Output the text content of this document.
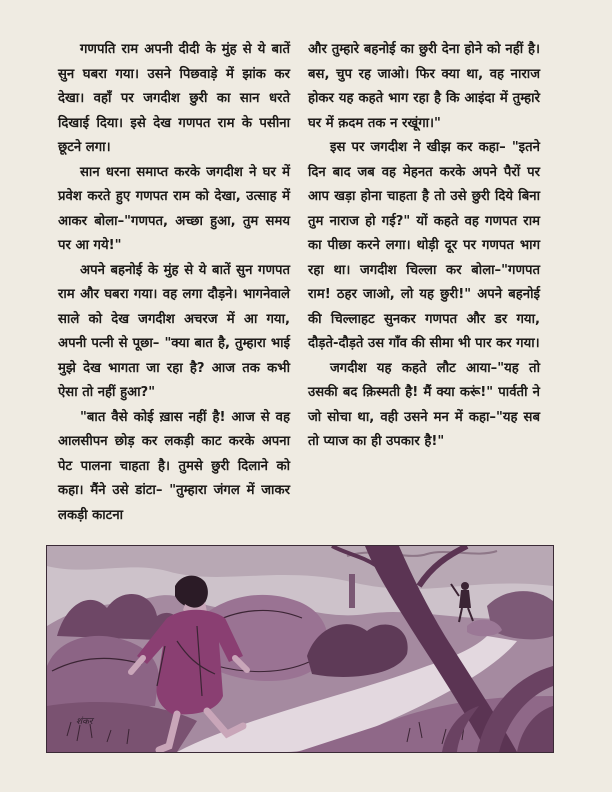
गणपति राम अपनी दीदी के मुंह से ये बातें सुन घबरा गया। उसने पिछवाड़े में झांक कर देखा। वहाँ पर जगदीश छुरी का सान धरते दिखाई दिया। इसे देख गणपत राम के पसीना छूटने लगा।

सान धरना समाप्त करके जगदीश ने घर में प्रवेश करते हुए गणपत राम को देखा, उत्साह में आकर बोला–"गणपत, अच्छा हुआ, तुम समय पर आ गये!"

अपने बहनोई के मुंह से ये बातें सुन गणपत राम और घबरा गया। वह लगा दौड़ने। भागनेवाले साले को देख जगदीश अचरज में आ गया, अपनी पत्नी से पूछा– "क्या बात है, तुम्हारा भाई मुझे देख भागता जा रहा है? आज तक कभी ऐसा तो नहीं हुआ?"

"बात वैसे कोई ख़ास नहीं है! आज से वह आलसीपन छोड़ कर लकड़ी काट करके अपना पेट पालना चाहता है। तुमसे छुरी दिलाने को कहा। मैंने उसे डांटा– "तुम्हारा जंगल में जाकर लकड़ी काटना

और तुम्हारे बहनोई का छुरी देना होने को नहीं है। बस, चुप रह जाओ। फिर क्या था, वह नाराज होकर यह कहते भाग रहा है कि आइंदा में तुम्हारे घर में क़दम तक न रखूंगा।"

इस पर जगदीश ने खीझ कर कहा– "इतने दिन बाद जब वह मेहनत करके अपने पैरों पर आप खड़ा होना चाहता है तो उसे छुरी दिये बिना तुम नाराज हो गई?" यों कहते वह गणपत राम का पीछा करने लगा। थोड़ी दूर पर गणपत भाग रहा था। जगदीश चिल्ला कर बोला–"गणपत राम! ठहर जाओ, लो यह छुरी!" अपने बहनोई की चिल्लाहट सुनकर गणपत और डर गया, दौड़ते-दौड़ते उस गाँव की सीमा भी पार कर गया।

जगदीश यह कहते लौट आया–"यह तो उसकी बद क़िस्मती है! मैं क्या करूं!" पार्वती ने जो सोचा था, वही उसने मन में कहा–"यह सब तो प्याज का ही उपकार है!"

शंकर
